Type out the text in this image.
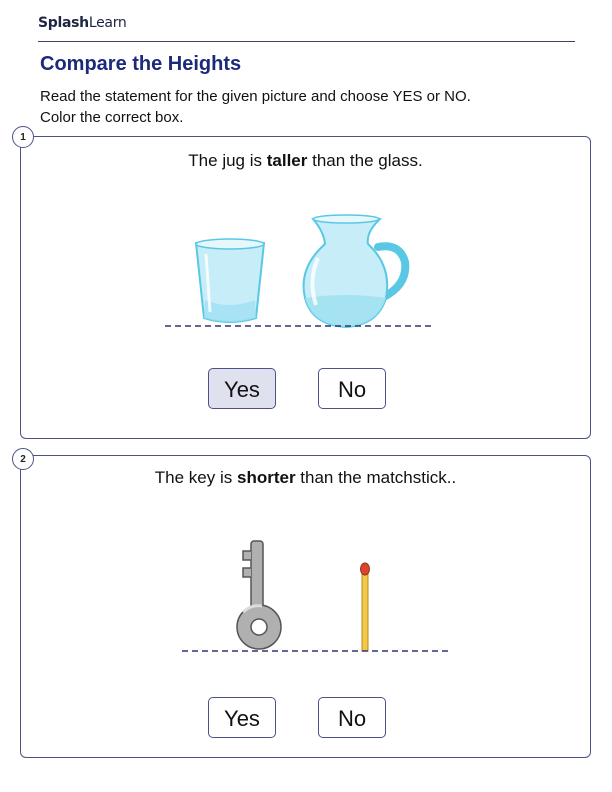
SplashLearn
Compare the Heights
Read the statement for the given picture and choose YES or NO.
Color the correct box.
1
The jug is taller than the glass.
Yes	No
2
The key is shorter than the matchstick..
Yes	No
